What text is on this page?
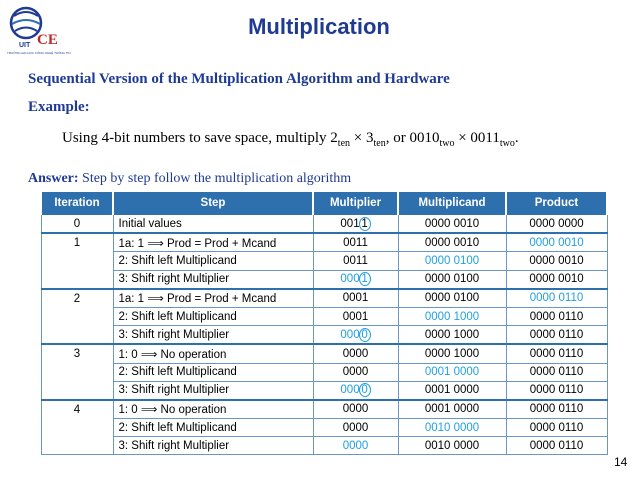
UIT
TRƯỜNG ĐẠI HỌC CÔNG NGHỆ THÔNG TIN
CE
Multiplication
Sequential Version of the Multiplication Algorithm and Hardware
Example:
Using 4-bit numbers to save space, multiply $2_{ten} \times 3_{ten}$, or $0010_{two} \times 0011_{two}$.
Answer: Step by step follow the multiplication algorithm
Iteration	Step	Multiplier	Multiplicand	Product
0	Initial values	001 1	0000 0010	0000 0000
1	1a: 1 ⟹ Prod = Prod + Mcand	0011	0000 0010	0000 0010
	2: Shift left Multiplicand	0011	0000 0100	0000 0010
	3: Shift right Multiplier	000 1	0000 0100	0000 0010
2	1a: 1 ⟹ Prod = Prod + Mcand	0001	0000 0100	0000 0110
	2: Shift left Multiplicand	0001	0000 1000	0000 0110
	3: Shift right Multiplier	000 0	0000 1000	0000 0110
3	1: 0 ⟹ No operation	0000	0000 1000	0000 0110
	2: Shift left Multiplicand	0000	0001 0000	0000 0110
	3: Shift right Multiplier	000 0	0001 0000	0000 0110
4	1: 0 ⟹ No operation	0000	0001 0000	0000 0110
	2: Shift left Multiplicand	0000	0010 0000	0000 0110
	3: Shift right Multiplier	0000	0010 0000	0000 0110
14
